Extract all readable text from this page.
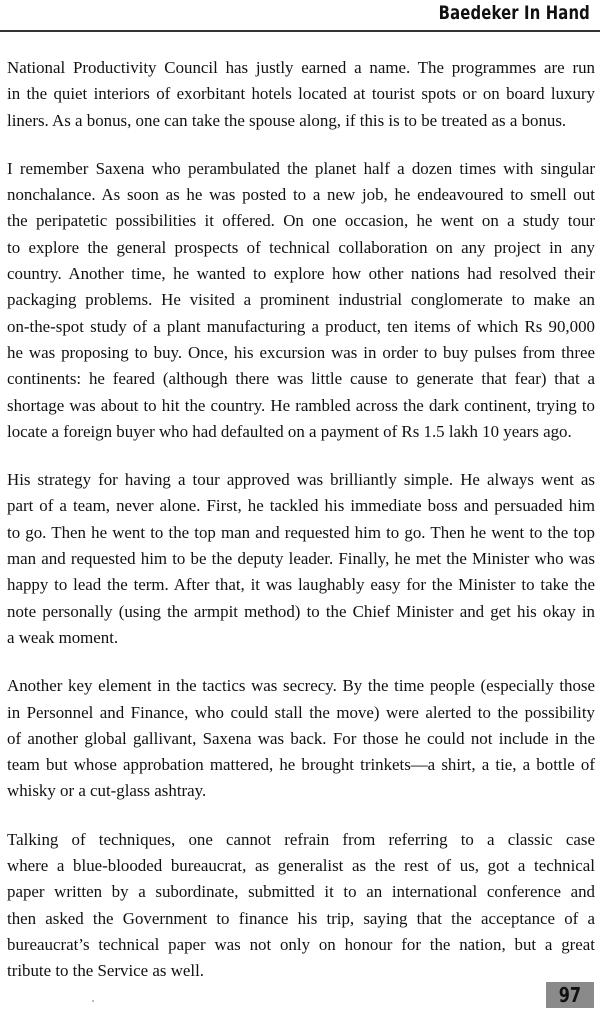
Baedeker In Hand

National Productivity Council has justly earned a name. The programmes are run
in the quiet interiors of exorbitant hotels located at tourist spots or on board luxury
liners. As a bonus, one can take the spouse along, if this is to be treated as a bonus.

I remember Saxena who perambulated the planet half a dozen times with singular
nonchalance. As soon as he was posted to a new job, he endeavoured to smell out
the peripatetic possibilities it offered. On one occasion, he went on a study tour
to explore the general prospects of technical collaboration on any project in any
country. Another time, he wanted to explore how other nations had resolved their
packaging problems. He visited a prominent industrial conglomerate to make an
on-the-spot study of a plant manufacturing a product, ten items of which Rs 90,000
he was proposing to buy. Once, his excursion was in order to buy pulses from three
continents: he feared (although there was little cause to generate that fear) that a
shortage was about to hit the country. He rambled across the dark continent, trying to
locate a foreign buyer who had defaulted on a payment of Rs 1.5 lakh 10 years ago.

His strategy for having a tour approved was brilliantly simple. He always went as
part of a team, never alone. First, he tackled his immediate boss and persuaded him
to go. Then he went to the top man and requested him to go. Then he went to the top
man and requested him to be the deputy leader. Finally, he met the Minister who was
happy to lead the term. After that, it was laughably easy for the Minister to take the
note personally (using the armpit method) to the Chief Minister and get his okay in
a weak moment.

Another key element in the tactics was secrecy. By the time people (especially those
in Personnel and Finance, who could stall the move) were alerted to the possibility
of another global gallivant, Saxena was back. For those he could not include in the
team but whose approbation mattered, he brought trinkets—a shirt, a tie, a bottle of
whisky or a cut-glass ashtray.

Talking of techniques, one cannot refrain from referring to a classic case
where a blue-blooded bureaucrat, as generalist as the rest of us, got a technical
paper written by a subordinate, submitted it to an international conference and
then asked the Government to finance his trip, saying that the acceptance of a
bureaucrat’s technical paper was not only on honour for the nation, but a great
tribute to the Service as well.

97
